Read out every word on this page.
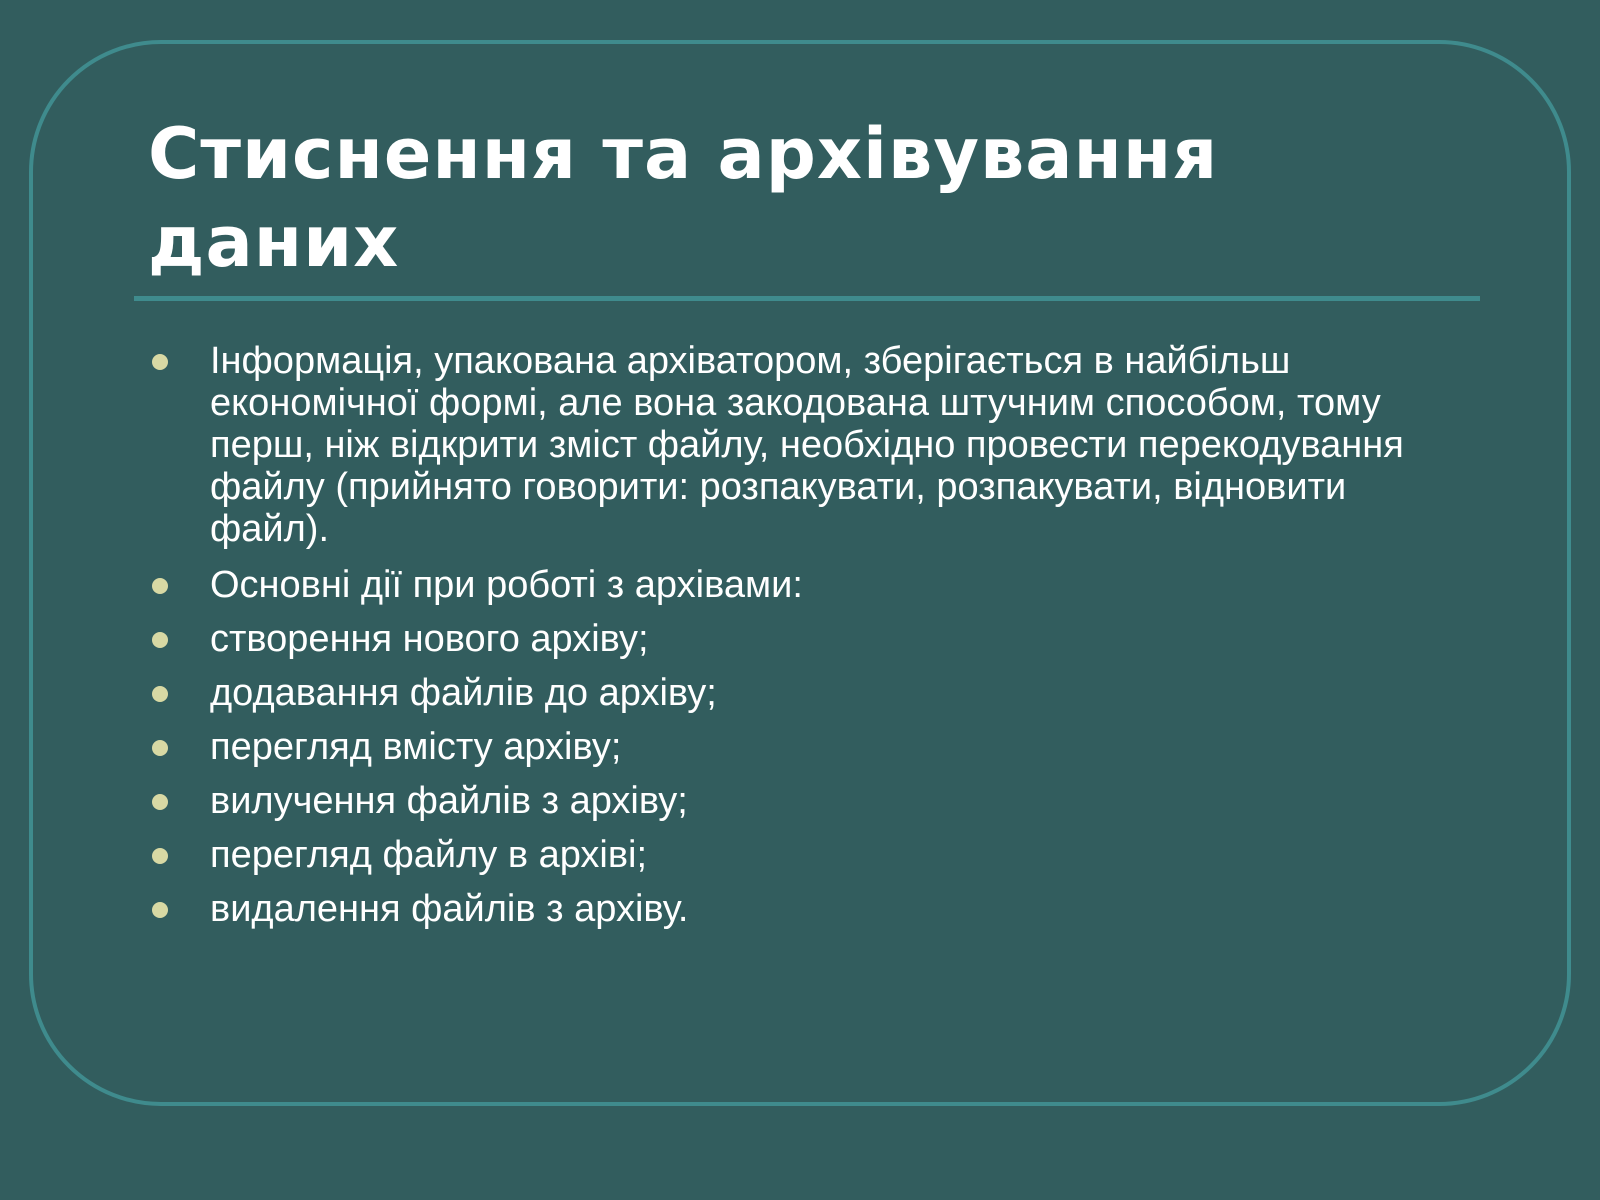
Стиснення та архівування даних
Інформація, упакована архіватором, зберігається в найбільш економічної формі, але вона закодована штучним способом, тому перш, ніж відкрити зміст файлу, необхідно провести перекодування файлу (прийнято говорити: розпакувати, розпакувати, відновити файл).
Основні дії при роботі з архівами:
створення нового архіву;
додавання файлів до архіву;
перегляд вмісту архіву;
вилучення файлів з архіву;
перегляд файлу в архіві;
видалення файлів з архіву.
